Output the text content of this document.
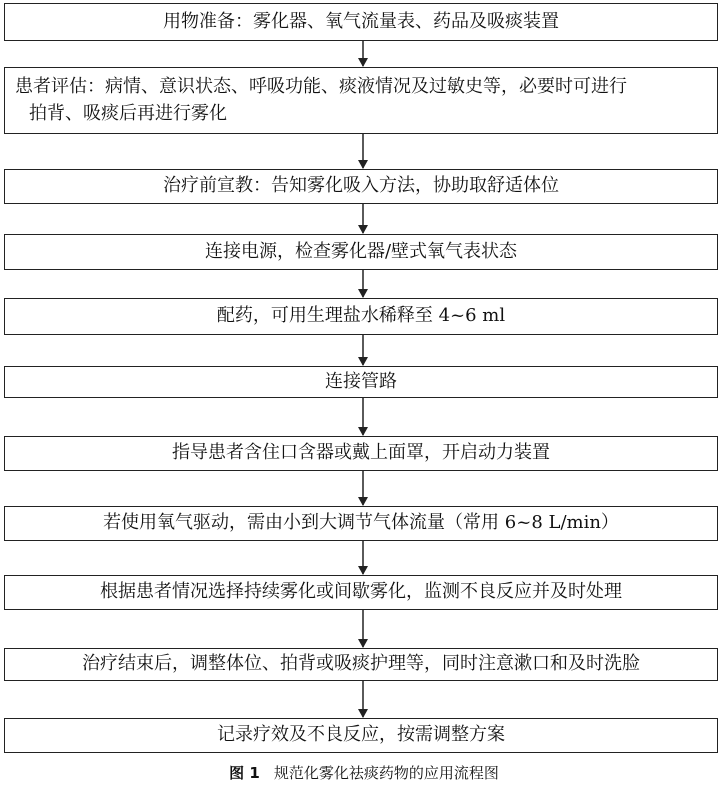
用物准备：雾化器、氧气流量表、药品及吸痰装置
患者评估：病情、意识状态、呼吸功能、痰液情况及过敏史等，必要时可进行
拍背、吸痰后再进行雾化
治疗前宣教：告知雾化吸入方法，协助取舒适体位
连接电源，检查雾化器/壁式氧气表状态
配药，可用生理盐水稀释至 4~6 ml
连接管路
指导患者含住口含器或戴上面罩，开启动力装置
若使用氧气驱动，需由小到大调节气体流量（常用 6~8 L/min）
根据患者情况选择持续雾化或间歇雾化，监测不良反应并及时处理
治疗结束后，调整体位、拍背或吸痰护理等，同时注意漱口和及时洗脸
记录疗效及不良反应，按需调整方案
图 1 规范化雾化祛痰药物的应用流程图
